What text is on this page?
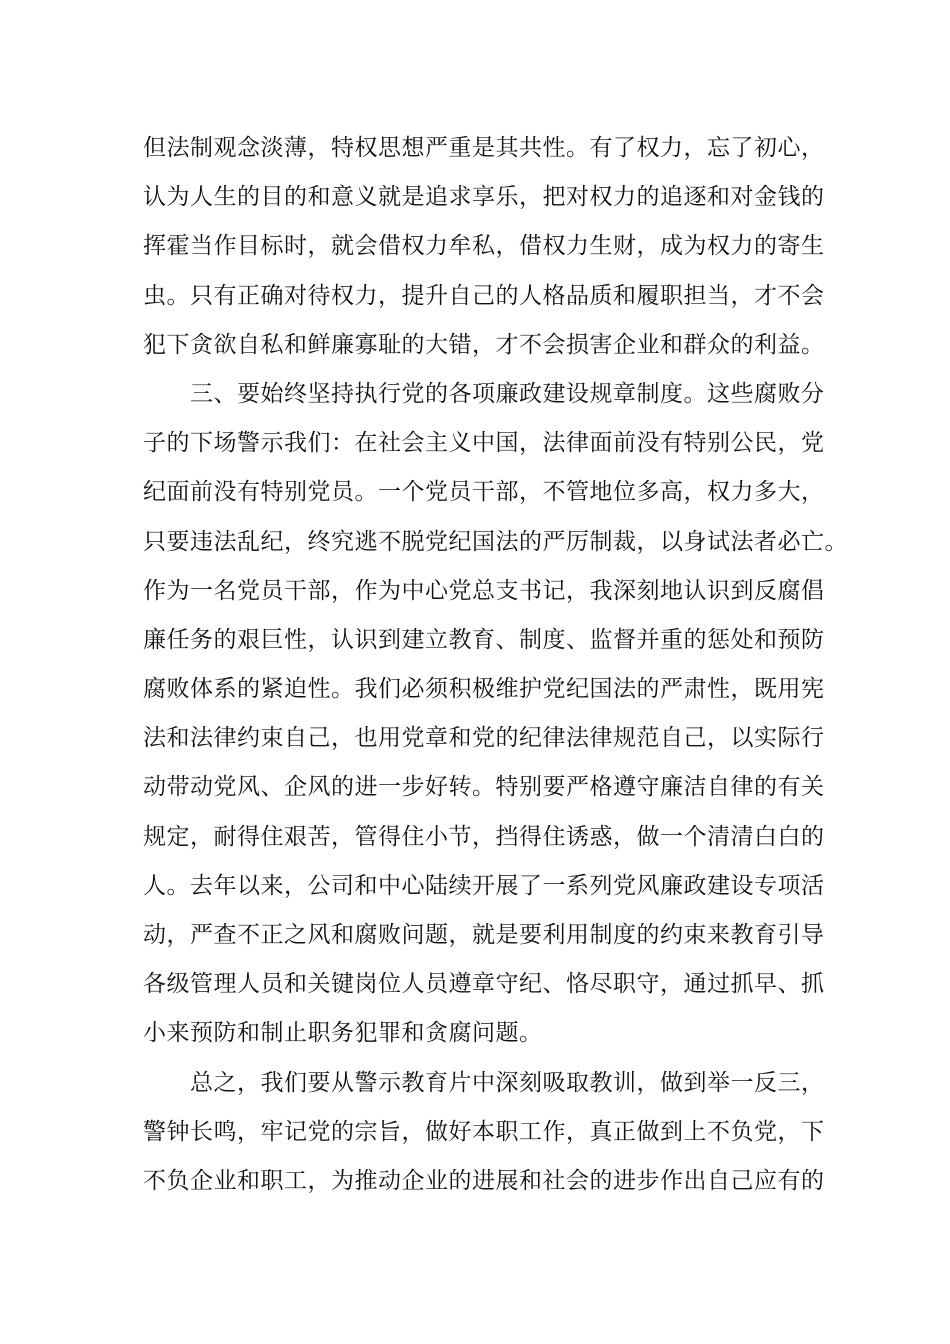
但法制观念淡薄，特权思想严重是其共性。有了权力，忘了初心，
认为人生的目的和意义就是追求享乐，把对权力的追逐和对金钱的
挥霍当作目标时，就会借权力牟私，借权力生财，成为权力的寄生
虫。只有正确对待权力，提升自己的人格品质和履职担当，才不会
犯下贪欲自私和鲜廉寡耻的大错，才不会损害企业和群众的利益。
　　三、要始终坚持执行党的各项廉政建设规章制度。这些腐败分
子的下场警示我们：在社会主义中国，法律面前没有特别公民，党
纪面前没有特别党员。一个党员干部，不管地位多高，权力多大，
只要违法乱纪，终究逃不脱党纪国法的严厉制裁，以身试法者必亡。
作为一名党员干部，作为中心党总支书记，我深刻地认识到反腐倡
廉任务的艰巨性，认识到建立教育、制度、监督并重的惩处和预防
腐败体系的紧迫性。我们必须积极维护党纪国法的严肃性，既用宪
法和法律约束自己，也用党章和党的纪律法律规范自己，以实际行
动带动党风、企风的进一步好转。特别要严格遵守廉洁自律的有关
规定，耐得住艰苦，管得住小节，挡得住诱惑，做一个清清白白的
人。去年以来，公司和中心陆续开展了一系列党风廉政建设专项活
动，严查不正之风和腐败问题，就是要利用制度的约束来教育引导
各级管理人员和关键岗位人员遵章守纪、恪尽职守，通过抓早、抓
小来预防和制止职务犯罪和贪腐问题。
　　总之，我们要从警示教育片中深刻吸取教训，做到举一反三，
警钟长鸣，牢记党的宗旨，做好本职工作，真正做到上不负党，下
不负企业和职工，为推动企业的进展和社会的进步作出自己应有的
